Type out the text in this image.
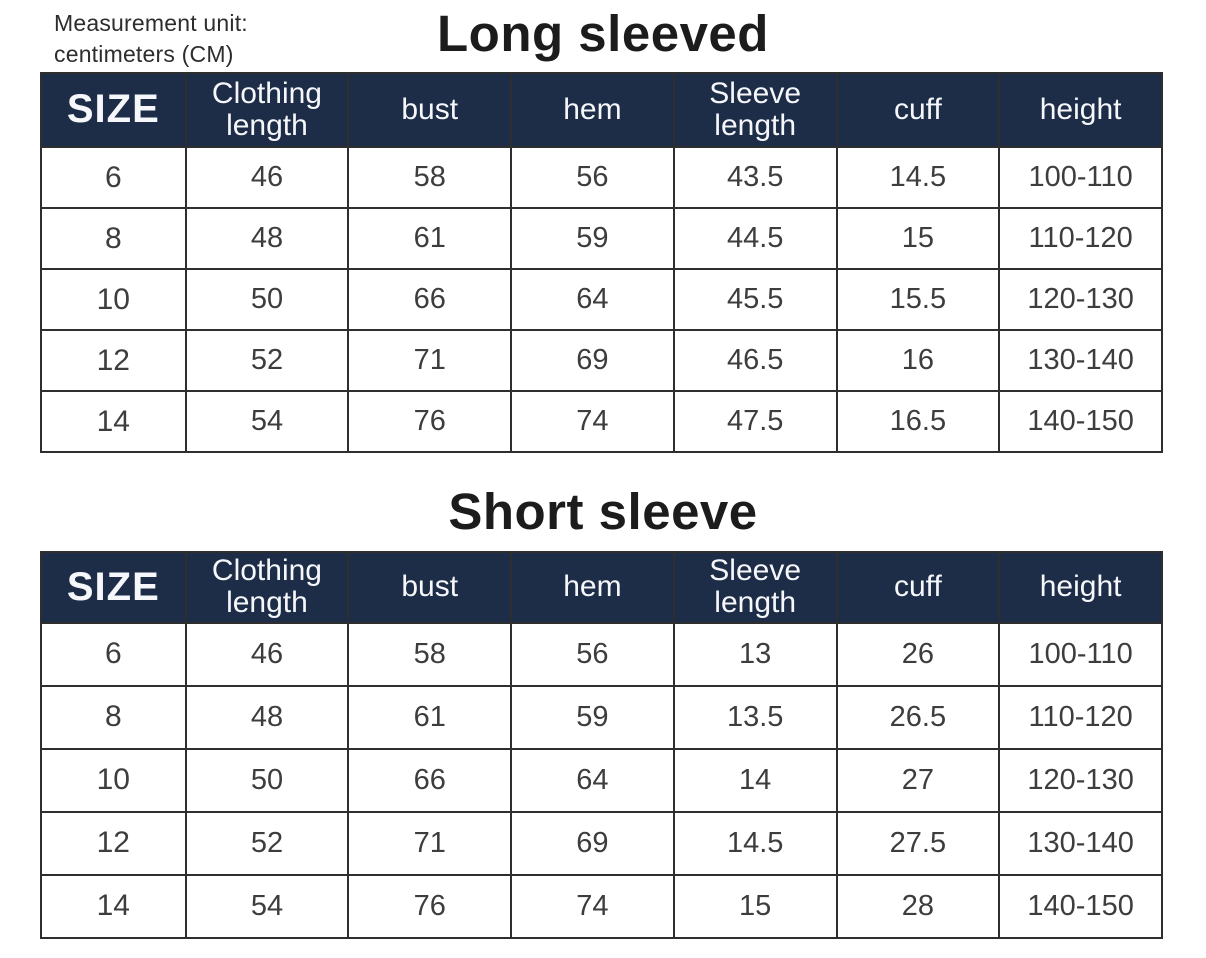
Measurement unit:
centimeters (CM)	Long sleeved
SIZE	Clothing length	bust	hem	Sleeve length	cuff	height
6	46	58	56	43.5	14.5	100-110
8	48	61	59	44.5	15	110-120
10	50	66	64	45.5	15.5	120-130
12	52	71	69	46.5	16	130-140
14	54	76	74	47.5	16.5	140-150
Short sleeve
SIZE	Clothing length	bust	hem	Sleeve length	cuff	height
6	46	58	56	13	26	100-110
8	48	61	59	13.5	26.5	110-120
10	50	66	64	14	27	120-130
12	52	71	69	14.5	27.5	130-140
14	54	76	74	15	28	140-150
